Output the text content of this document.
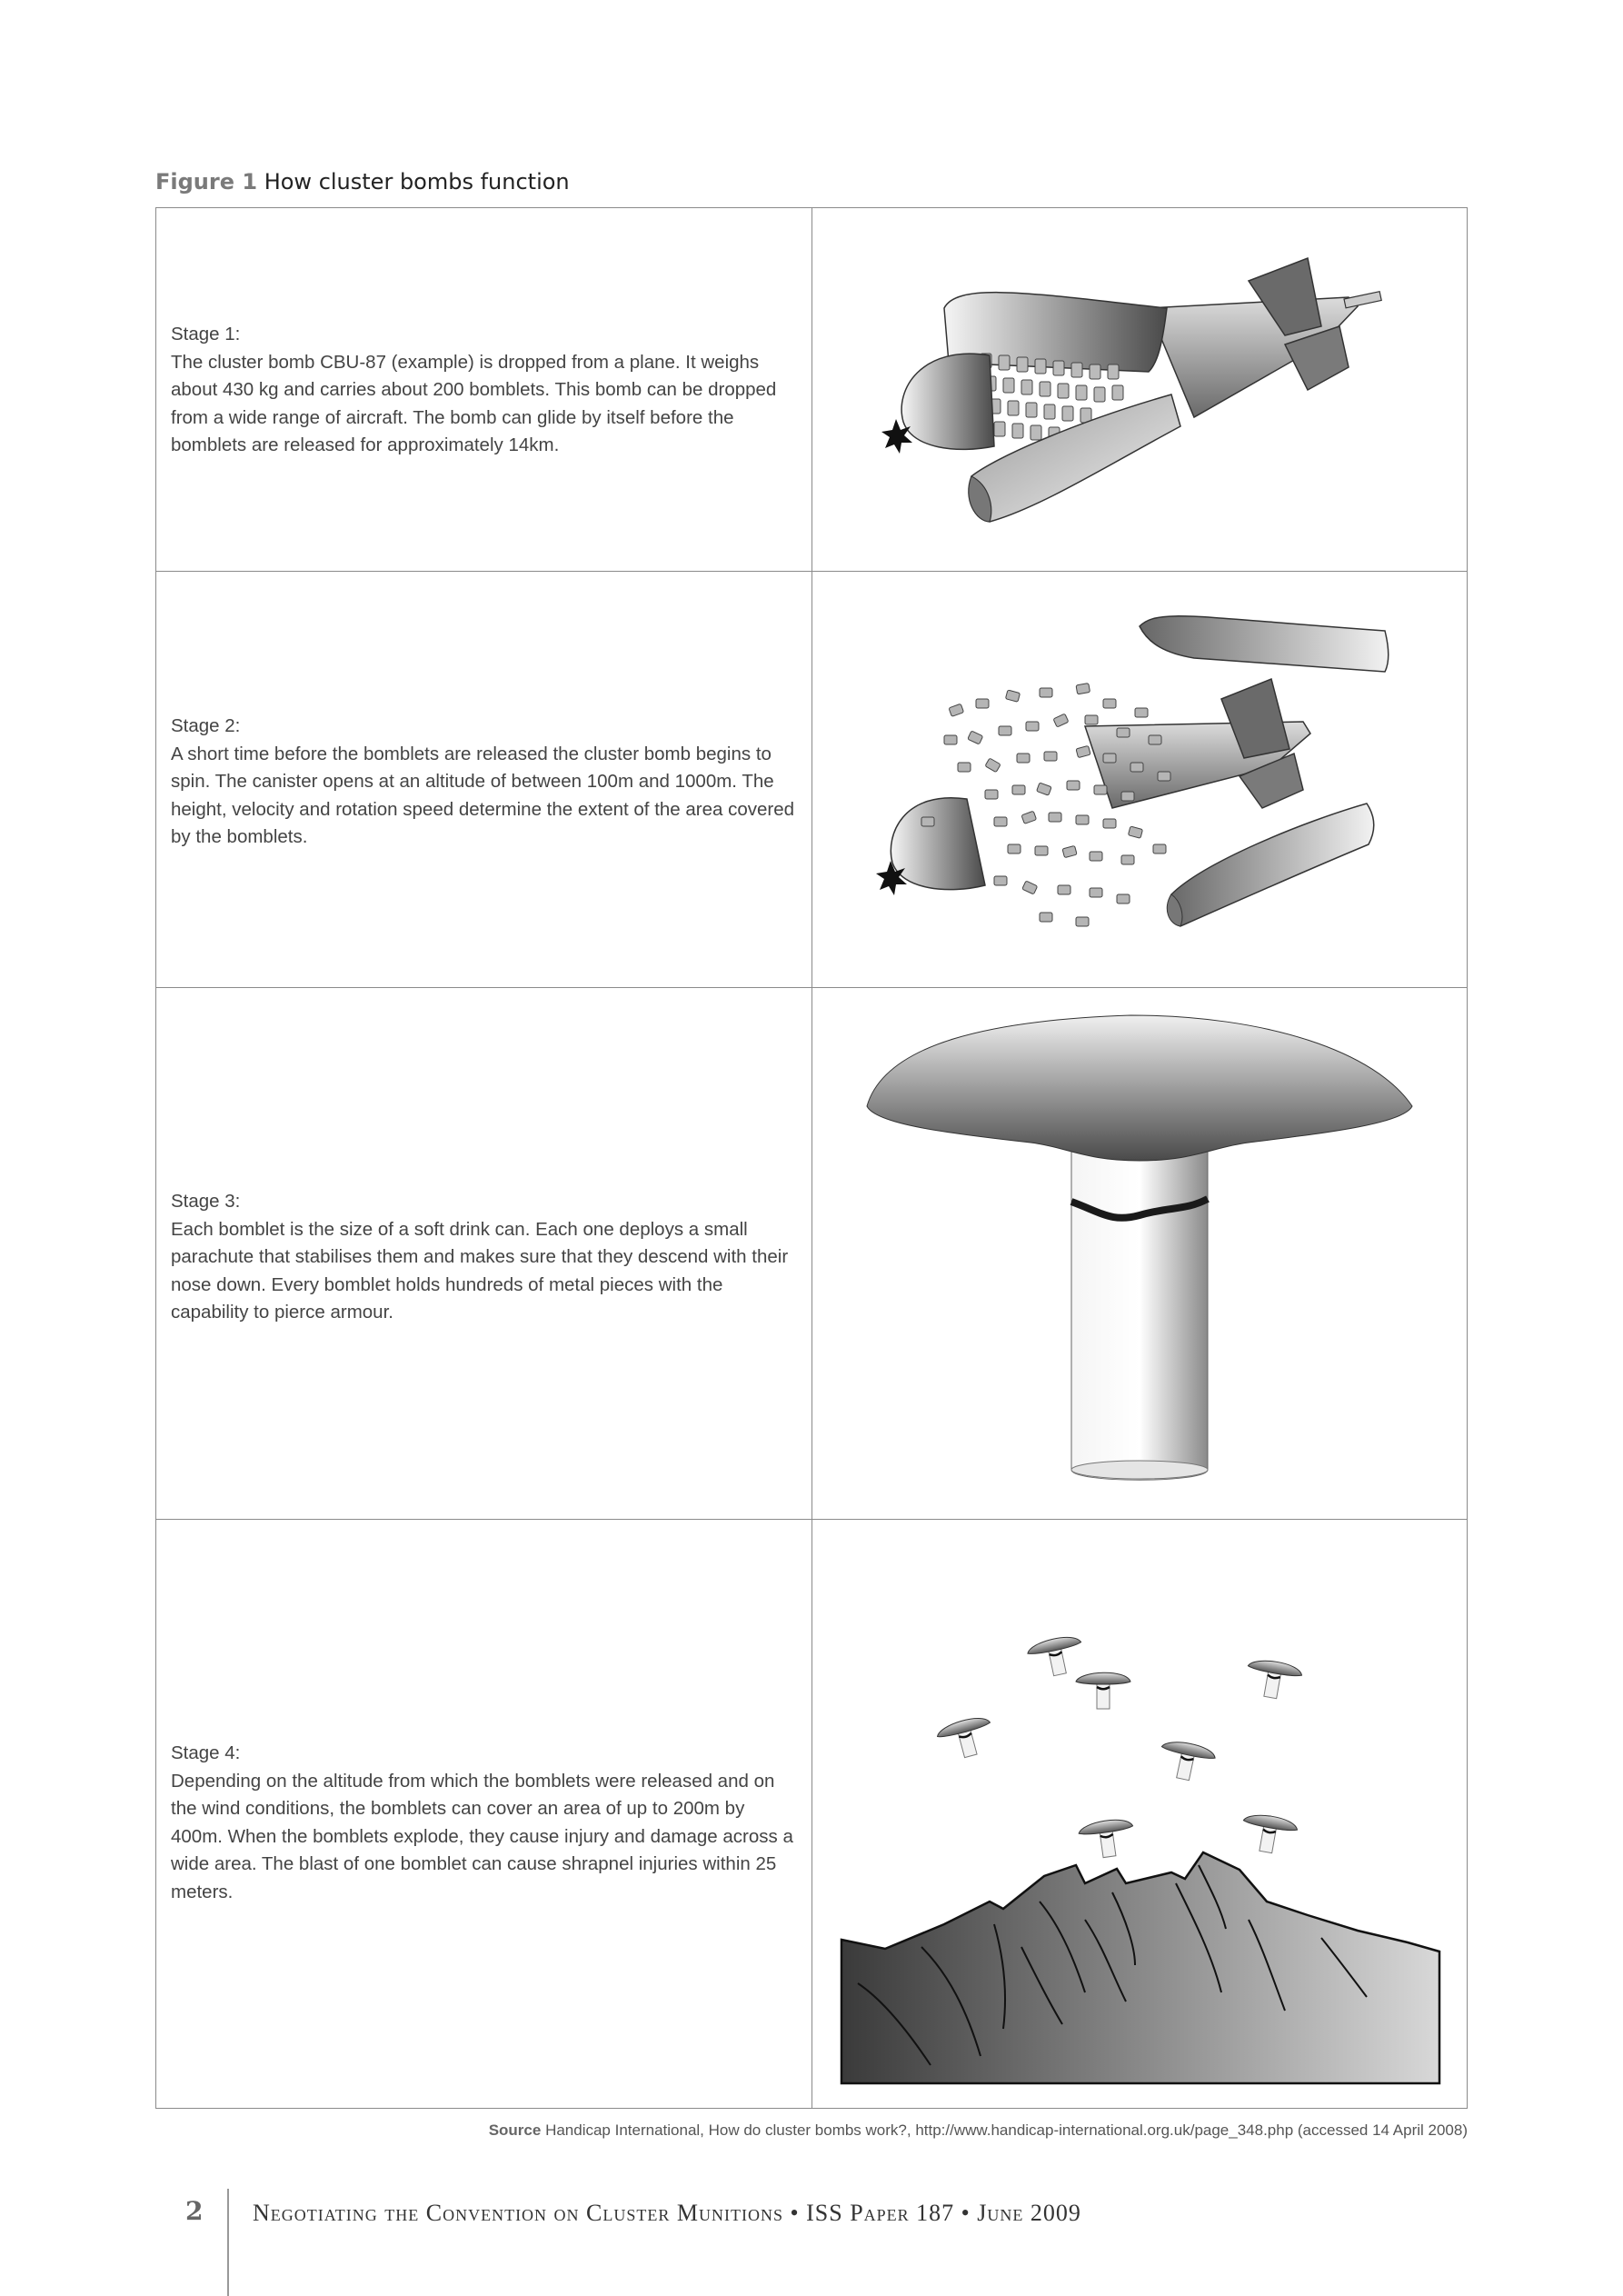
Figure 1 How cluster bombs function

Stage 1:

The cluster bomb CBU-87 (example) is dropped from a plane. It weighs about 430 kg and carries about 200 bomblets. This bomb can be dropped from a wide range of aircraft. The bomb can glide by itself before the bomblets are released for approximately 14km.

Stage 2:

A short time before the bomblets are released the cluster bomb begins to spin. The canister opens at an altitude of between 100m and 1000m. The height, velocity and rotation speed determine the extent of the area covered by the bomblets.

Stage 3:

Each bomblet is the size of a soft drink can. Each one deploys a small parachute that stabilises them and makes sure that they descend with their nose down. Every bomblet holds hundreds of metal pieces with the capability to pierce armour.

Stage 4:

Depending on the altitude from which the bomblets were released and on the wind conditions, the bomblets can cover an area of up to 200m by 400m. When the bomblets explode, they cause injury and damage across a wide area. The blast of one bomblet can cause shrapnel injuries within 25 meters.

Source Handicap International, How do cluster bombs work?, http://www.handicap-international.org.uk/page_348.php (accessed 14 April 2008)
2 Negotiating the Convention on Cluster Munitions • ISS Paper 187 • June 2009
